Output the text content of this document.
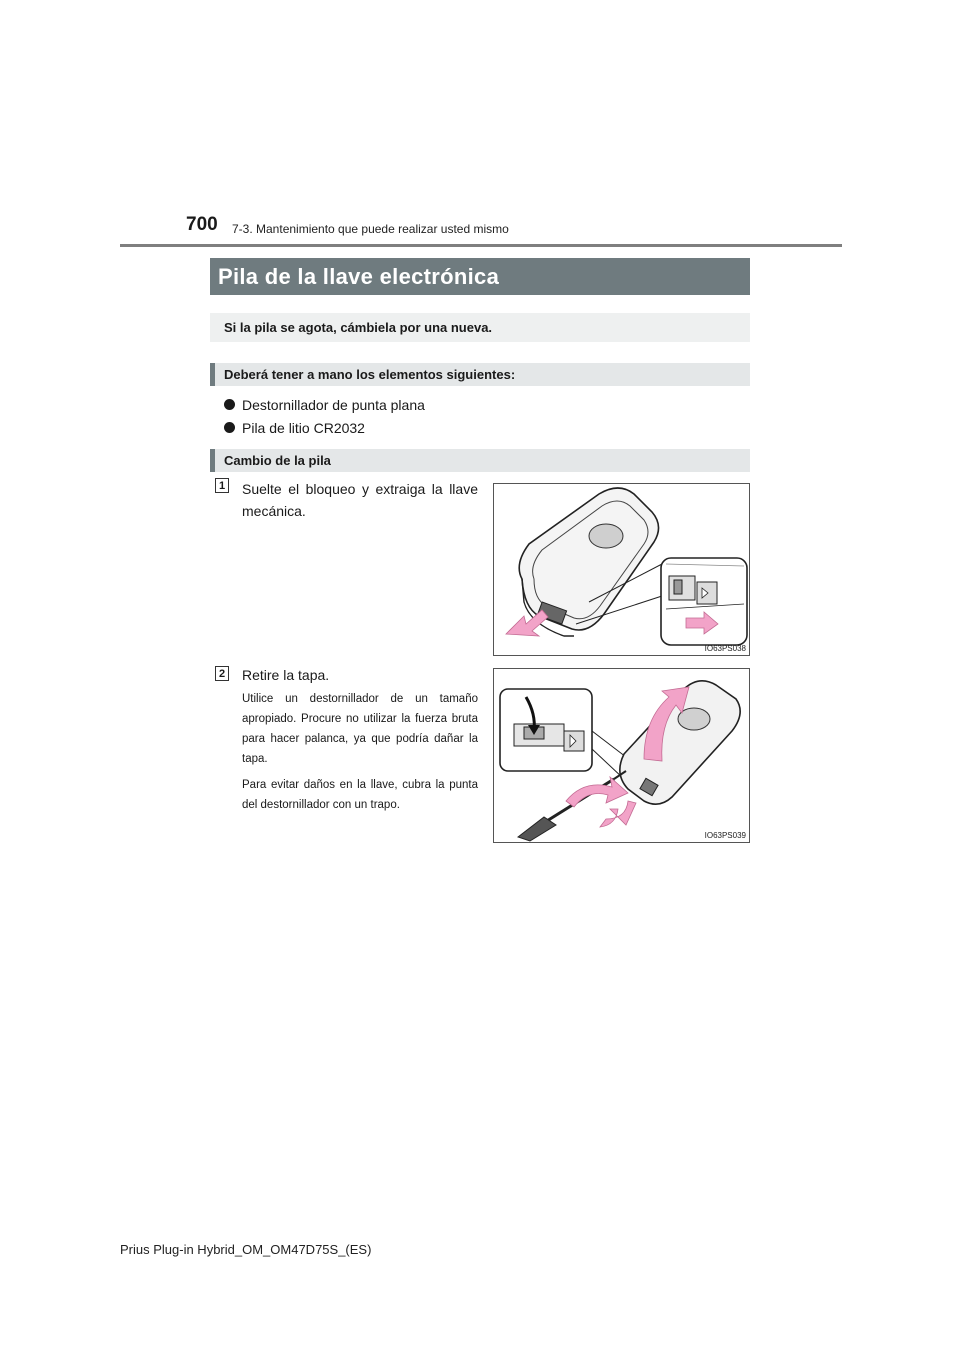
700 7-3. Mantenimiento que puede realizar usted mismo
Pila de la llave electrónica
Si la pila se agota, cámbiela por una nueva.
Deberá tener a mano los elementos siguientes:
Destornillador de punta plana
Pila de litio CR2032
Cambio de la pila
1 Suelte el bloqueo y extraiga la llave mecánica.
IO63PS038
2 Retire la tapa.

Utilice un destornillador de un tamaño apropiado. Procure no utilizar la fuerza bruta para hacer palanca, ya que podría dañar la tapa.

Para evitar daños en la llave, cubra la punta del destornillador con un trapo.

IO63PS039
Prius Plug-in Hybrid_OM_OM47D75S_(ES)
